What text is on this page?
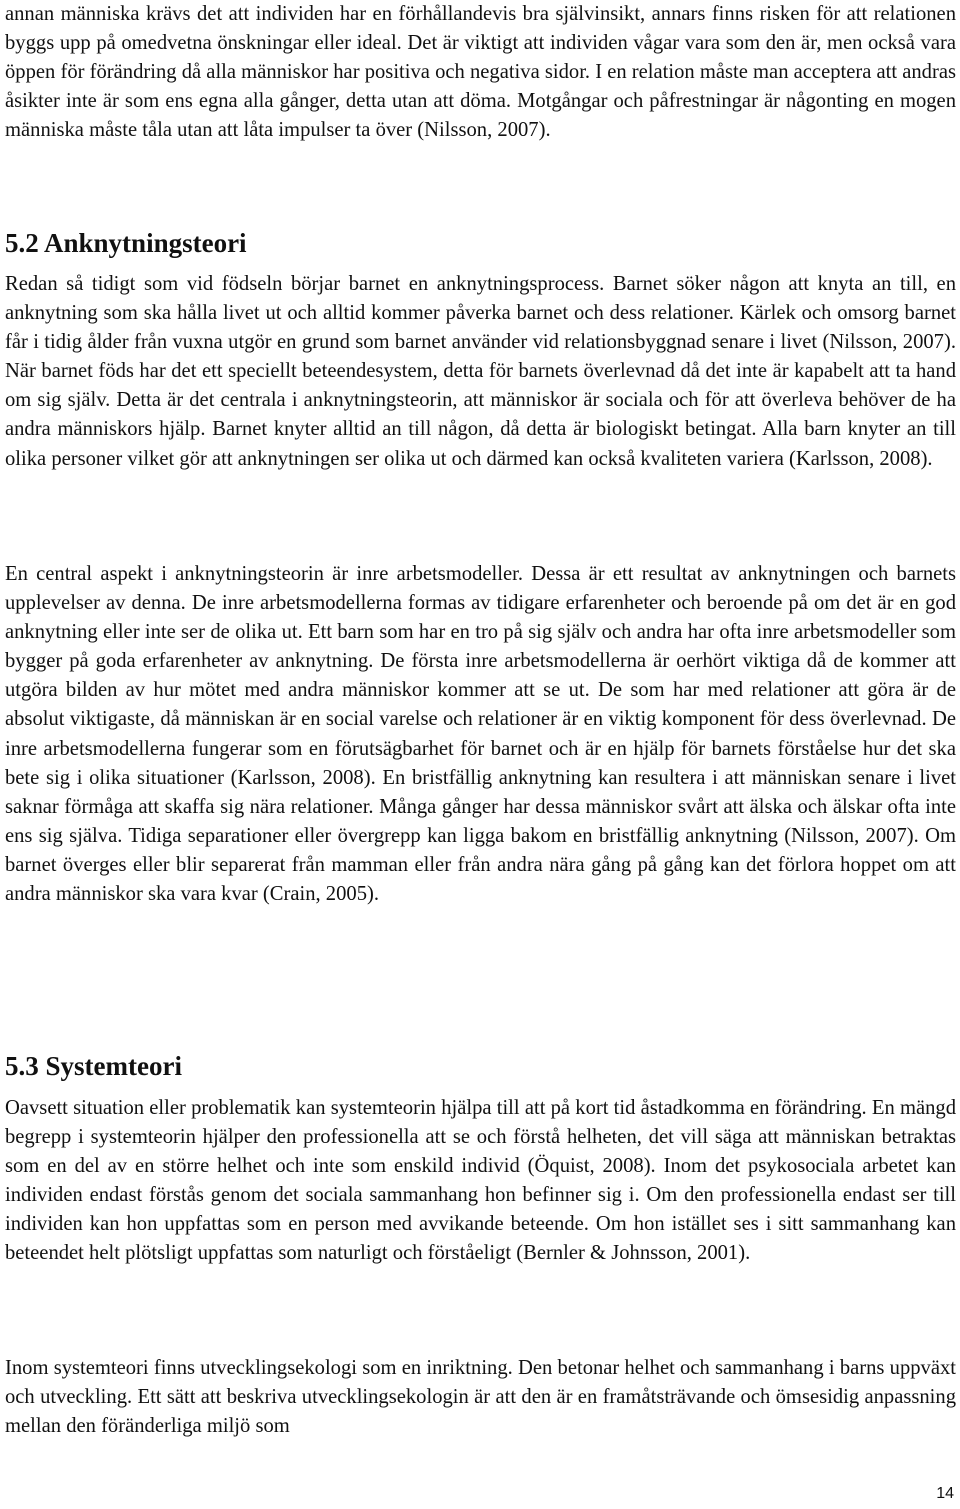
annan människa krävs det att individen har en förhållandevis bra självinsikt, annars finns risken för att relationen byggs upp på omedvetna önskningar eller ideal. Det är viktigt att individen vågar vara som den är, men också vara öppen för förändring då alla människor har positiva och negativa sidor. I en relation måste man acceptera att andras åsikter inte är som ens egna alla gånger, detta utan att döma. Motgångar och påfrestningar är någonting en mogen människa måste tåla utan att låta impulser ta över (Nilsson, 2007).

5.2 Anknytningsteori

Redan så tidigt som vid födseln börjar barnet en anknytningsprocess. Barnet söker någon att knyta an till, en anknytning som ska hålla livet ut och alltid kommer påverka barnet och dess relationer. Kärlek och omsorg barnet får i tidig ålder från vuxna utgör en grund som barnet använder vid relationsbyggnad senare i livet (Nilsson, 2007). När barnet föds har det ett speciellt beteendesystem, detta för barnets överlevnad då det inte är kapabelt att ta hand om sig själv. Detta är det centrala i anknytningsteorin, att människor är sociala och för att överleva behöver de ha andra människors hjälp. Barnet knyter alltid an till någon, då detta är biologiskt betingat. Alla barn knyter an till olika personer vilket gör att anknytningen ser olika ut och därmed kan också kvaliteten variera (Karlsson, 2008).

En central aspekt i anknytningsteorin är inre arbetsmodeller. Dessa är ett resultat av anknytningen och barnets upplevelser av denna. De inre arbetsmodellerna formas av tidigare erfarenheter och beroende på om det är en god anknytning eller inte ser de olika ut. Ett barn som har en tro på sig själv och andra har ofta inre arbetsmodeller som bygger på goda erfarenheter av anknytning. De första inre arbetsmodellerna är oerhört viktiga då de kommer att utgöra bilden av hur mötet med andra människor kommer att se ut. De som har med relationer att göra är de absolut viktigaste, då människan är en social varelse och relationer är en viktig komponent för dess överlevnad. De inre arbetsmodellerna fungerar som en förutsägbarhet för barnet och är en hjälp för barnets förståelse hur det ska bete sig i olika situationer (Karlsson, 2008). En bristfällig anknytning kan resultera i att människan senare i livet saknar förmåga att skaffa sig nära relationer. Många gånger har dessa människor svårt att älska och älskar ofta inte ens sig själva. Tidiga separationer eller övergrepp kan ligga bakom en bristfällig anknytning (Nilsson, 2007). Om barnet överges eller blir separerat från mamman eller från andra nära gång på gång kan det förlora hoppet om att andra människor ska vara kvar (Crain, 2005).

5.3 Systemteori

Oavsett situation eller problematik kan systemteorin hjälpa till att på kort tid åstadkomma en förändring. En mängd begrepp i systemteorin hjälper den professionella att se och förstå helheten, det vill säga att människan betraktas som en del av en större helhet och inte som enskild individ (Öquist, 2008). Inom det psykosociala arbetet kan individen endast förstås genom det sociala sammanhang hon befinner sig i. Om den professionella endast ser till individen kan hon uppfattas som en person med avvikande beteende. Om hon istället ses i sitt sammanhang kan beteendet helt plötsligt uppfattas som naturligt och förståeligt (Bernler & Johnsson, 2001).

Inom systemteori finns utvecklingsekologi som en inriktning. Den betonar helhet och sammanhang i barns uppväxt och utveckling. Ett sätt att beskriva utvecklingsekologin är att den är en framåtsträvande och ömsesidig anpassning mellan den föränderliga miljö som

14
